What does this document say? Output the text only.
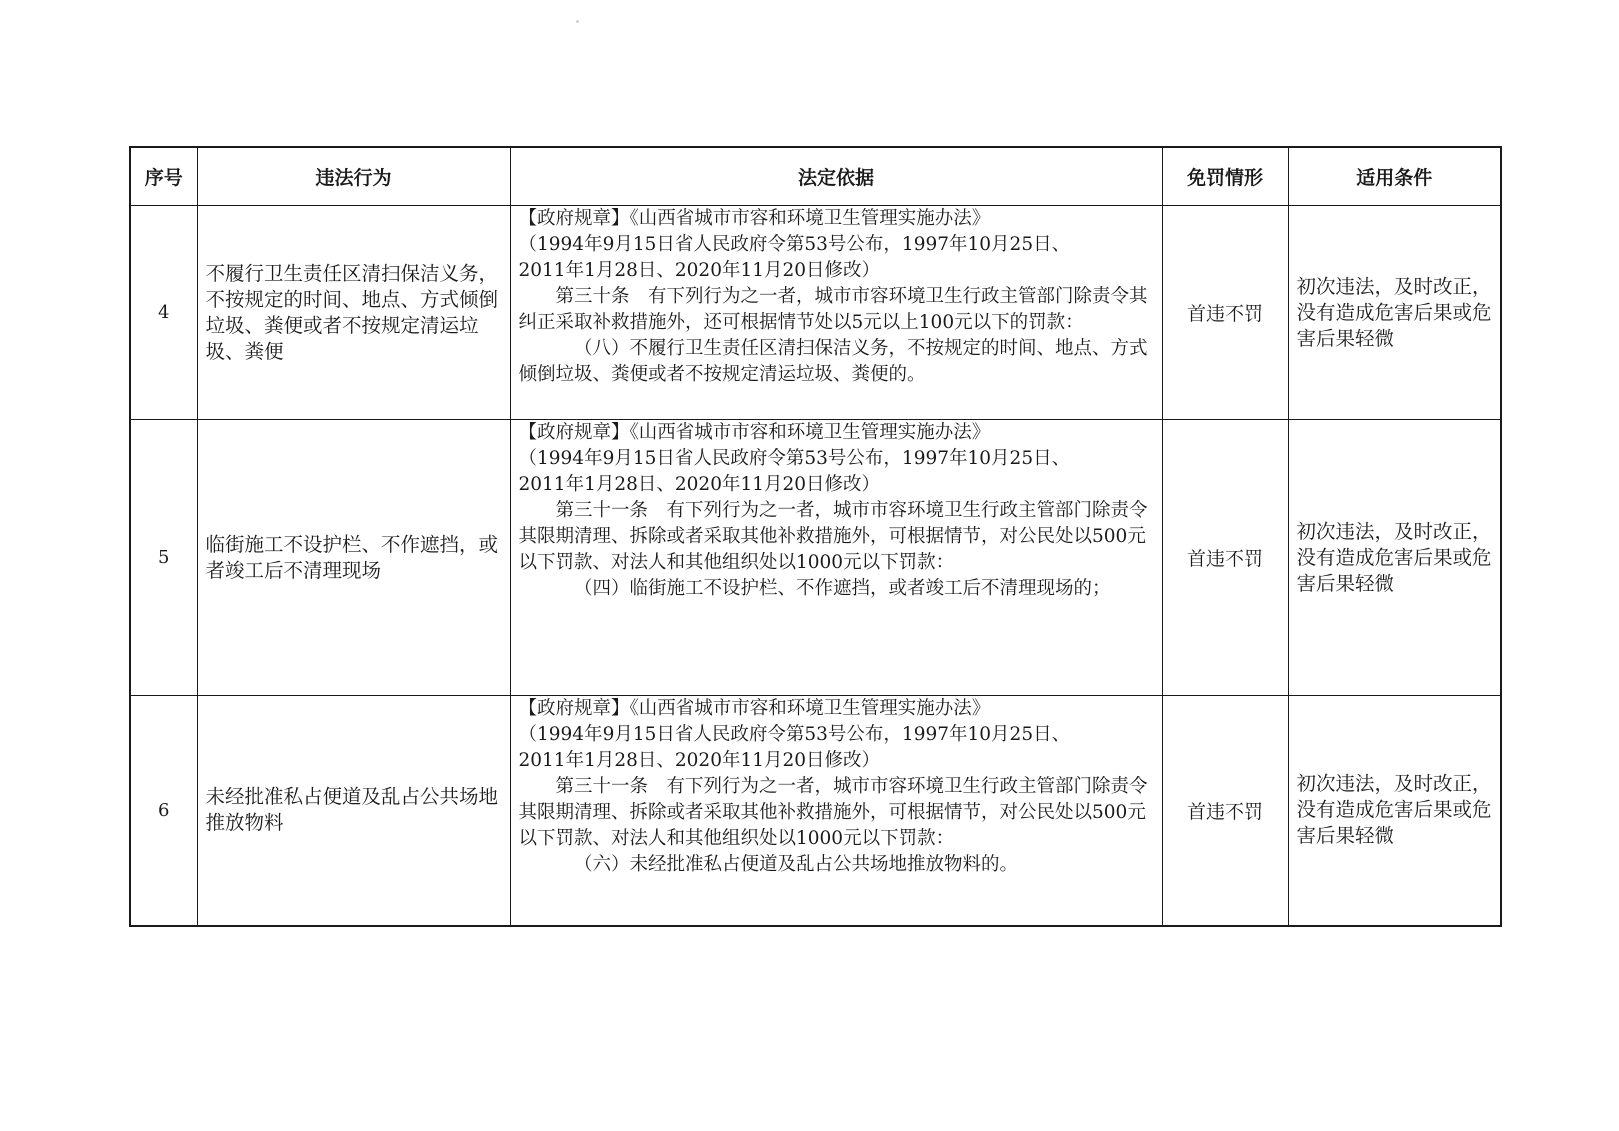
序号	违法行为	法定依据	免罚情形	适用条件
4	不履行卫生责任区清扫保洁义务，不按规定的时间、地点、方式倾倒垃圾、粪便或者不按规定清运垃圾、粪便	【政府规章】《山西省城市市容和环境卫生管理实施办法》
（1994年9月15日省人民政府令第53号公布，1997年10月25日、
2011年1月28日、2020年11月20日修改）
第三十条　有下列行为之一者，城市市容环境卫生行政主管部门除责令其纠正采取补救措施外，还可根据情节处以5元以上100元以下的罚款：
（八）不履行卫生责任区清扫保洁义务，不按规定的时间、地点、方式倾倒垃圾、粪便或者不按规定清运垃圾、粪便的。	首违不罚	初次违法，及时改正，没有造成危害后果或危害后果轻微
5	临街施工不设护栏、不作遮挡，或者竣工后不清理现场	【政府规章】《山西省城市市容和环境卫生管理实施办法》
（1994年9月15日省人民政府令第53号公布，1997年10月25日、
2011年1月28日、2020年11月20日修改）
第三十一条　有下列行为之一者，城市市容环境卫生行政主管部门除责令其限期清理、拆除或者采取其他补救措施外，可根据情节，对公民处以500元以下罚款、对法人和其他组织处以1000元以下罚款：
（四）临街施工不设护栏、不作遮挡，或者竣工后不清理现场的；	首违不罚	初次违法，及时改正，没有造成危害后果或危害后果轻微
6	未经批准私占便道及乱占公共场地推放物料	【政府规章】《山西省城市市容和环境卫生管理实施办法》
（1994年9月15日省人民政府令第53号公布，1997年10月25日、
2011年1月28日、2020年11月20日修改）
第三十一条　有下列行为之一者，城市市容环境卫生行政主管部门除责令其限期清理、拆除或者采取其他补救措施外，可根据情节，对公民处以500元以下罚款、对法人和其他组织处以1000元以下罚款：
（六）未经批准私占便道及乱占公共场地推放物料的。	首违不罚	初次违法，及时改正，没有造成危害后果或危害后果轻微
